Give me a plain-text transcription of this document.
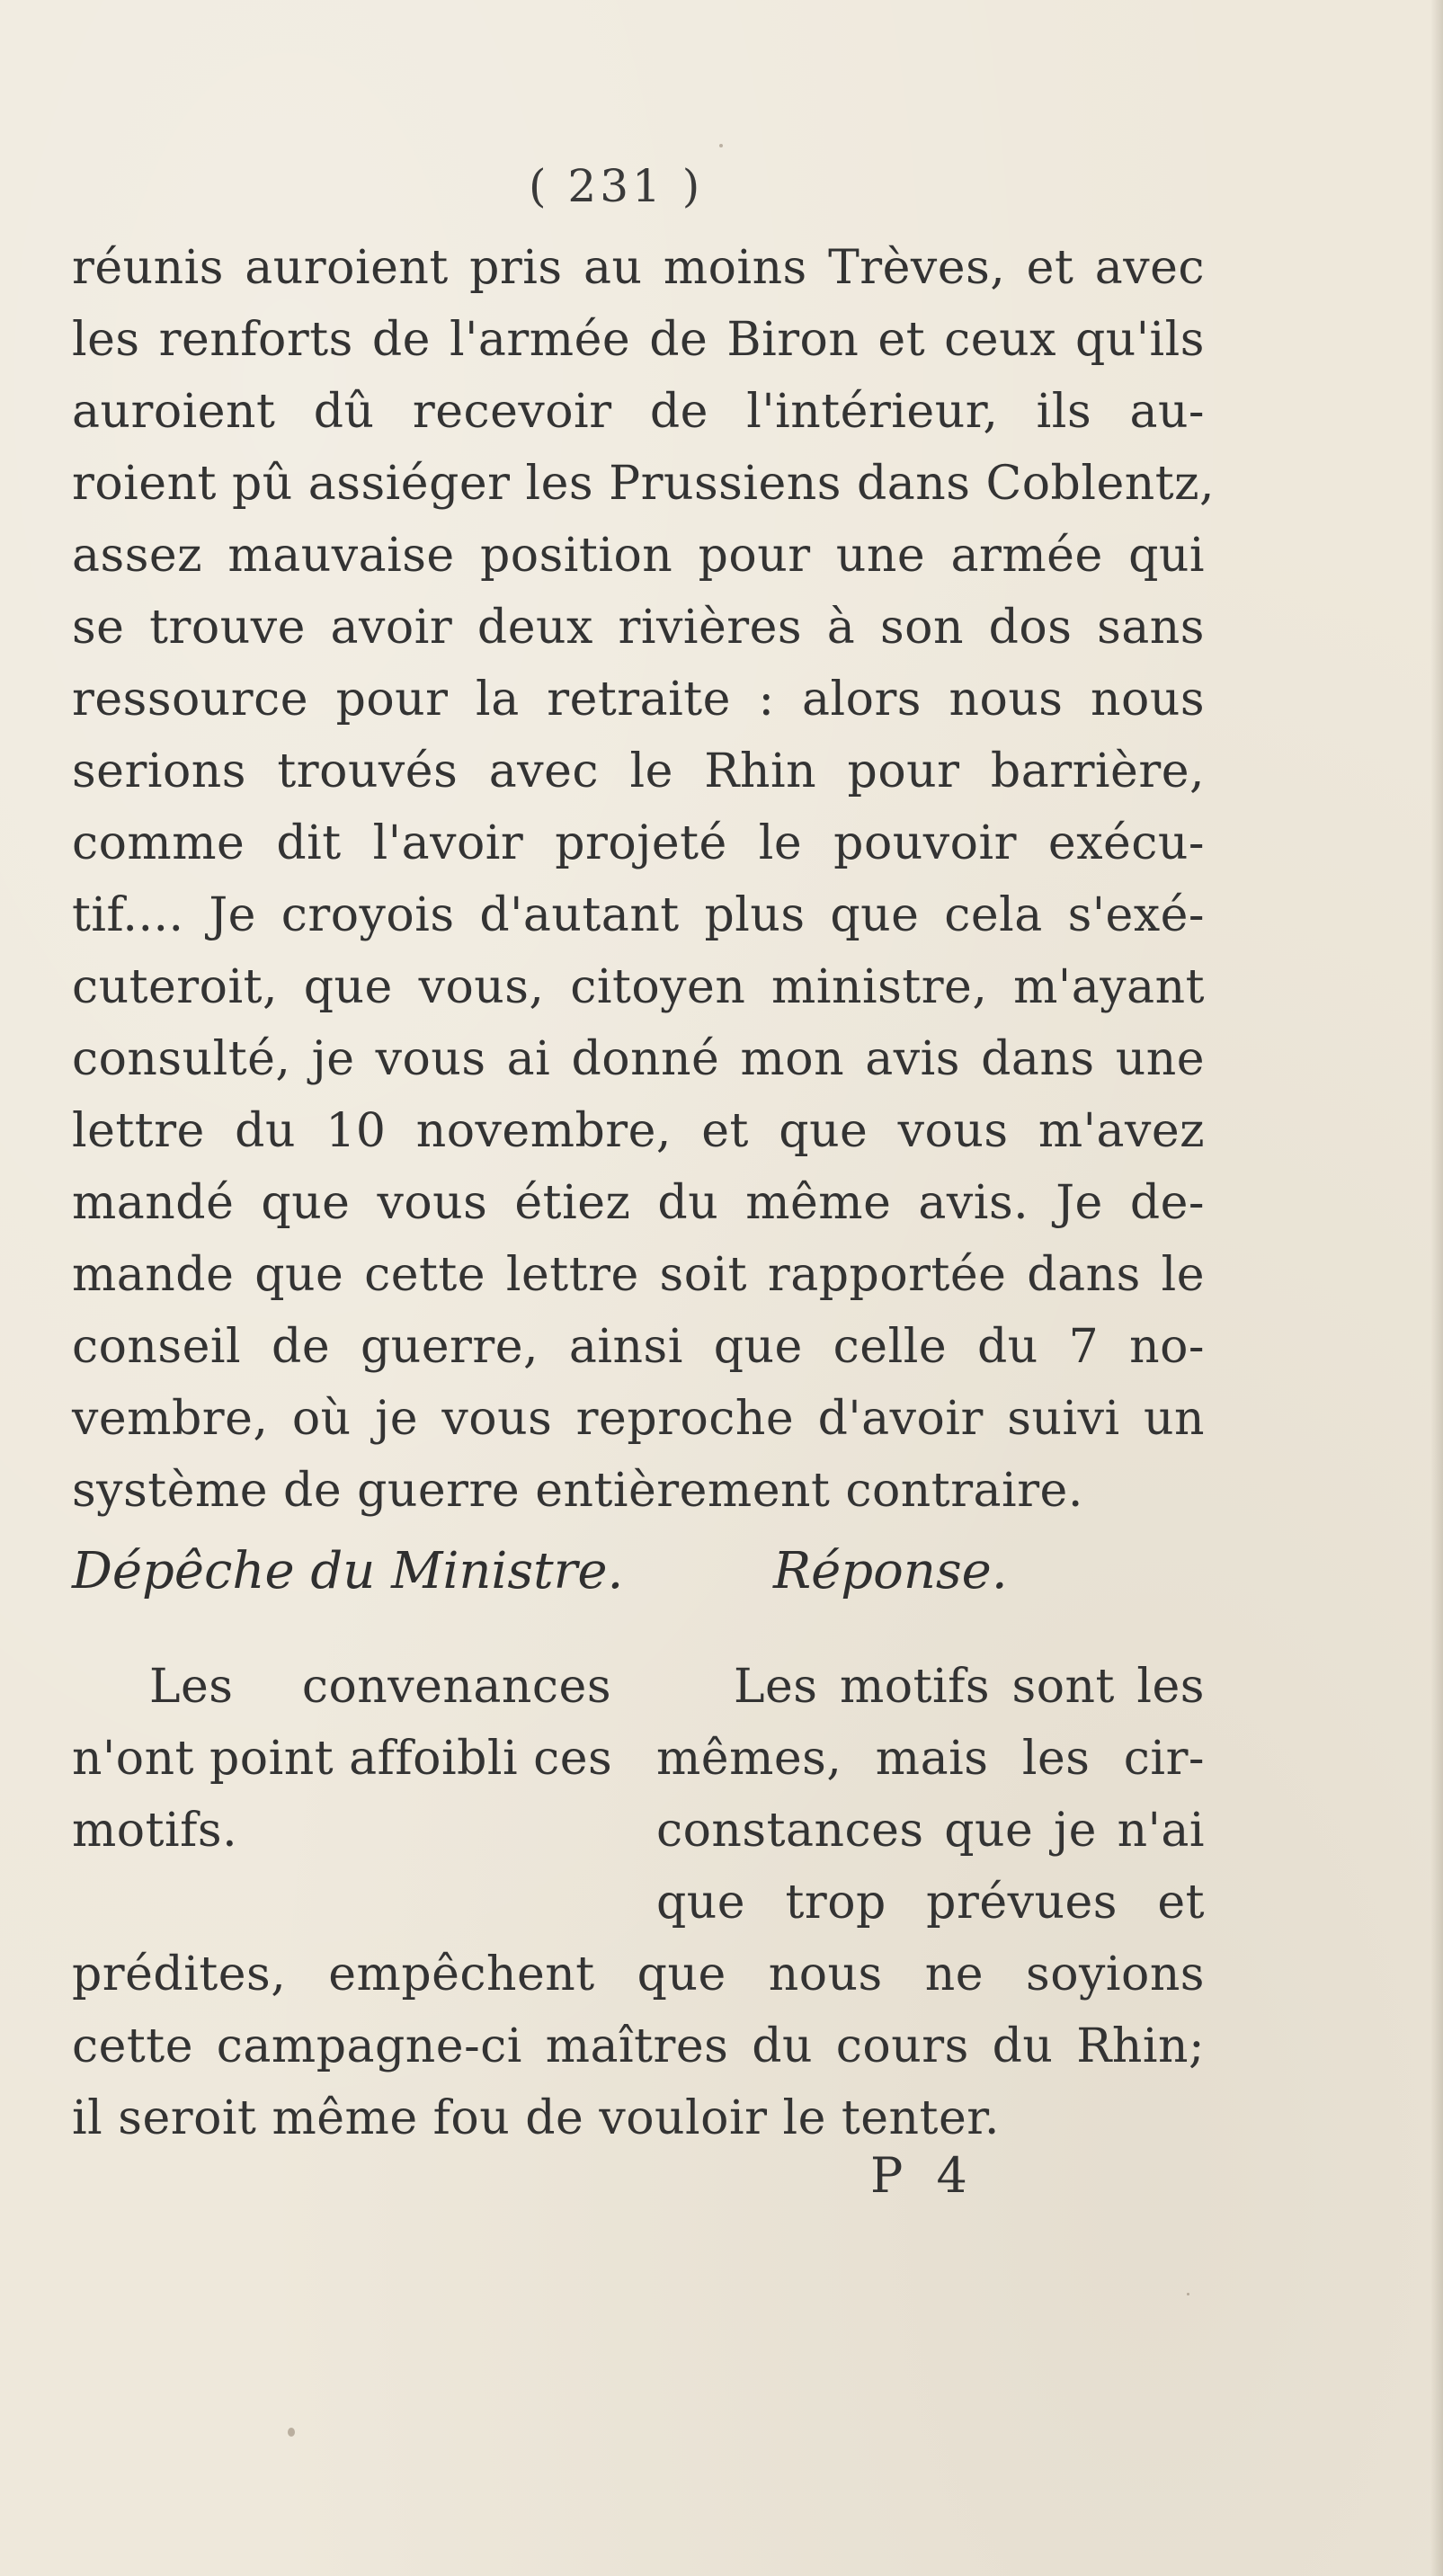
( 231 )
réunis auroient pris au moins Trèves, et avec
les renforts de l'armée de Biron et ceux qu'ils
auroient dû recevoir de l'intérieur, ils au-
roient pû assiéger les Prussiens dans Coblentz,
assez mauvaise position pour une armée qui
se trouve avoir deux rivières à son dos sans
ressource pour la retraite : alors nous nous
serions trouvés avec le Rhin pour barrière,
comme dit l'avoir projeté le pouvoir exécu-
tif.... Je croyois d'autant plus que cela s'exé-
cuteroit, que vous, citoyen ministre, m'ayant
consulté, je vous ai donné mon avis dans une
lettre du 10 novembre, et que vous m'avez
mandé que vous étiez du même avis. Je de-
mande que cette lettre soit rapportée dans le
conseil de guerre, ainsi que celle du 7 no-
vembre, où je vous reproche d'avoir suivi un
système de guerre entièrement contraire.
Dépêche du Ministre.	Réponse.
Les convenances
n'ont point affoibli ces
motifs.
Les motifs sont les
mêmes, mais les cir-
constances que je n'ai
que trop prévues et
prédites, empêchent que nous ne soyions
cette campagne-ci maîtres du cours du Rhin;
il seroit même fou de vouloir le tenter.
P 4
